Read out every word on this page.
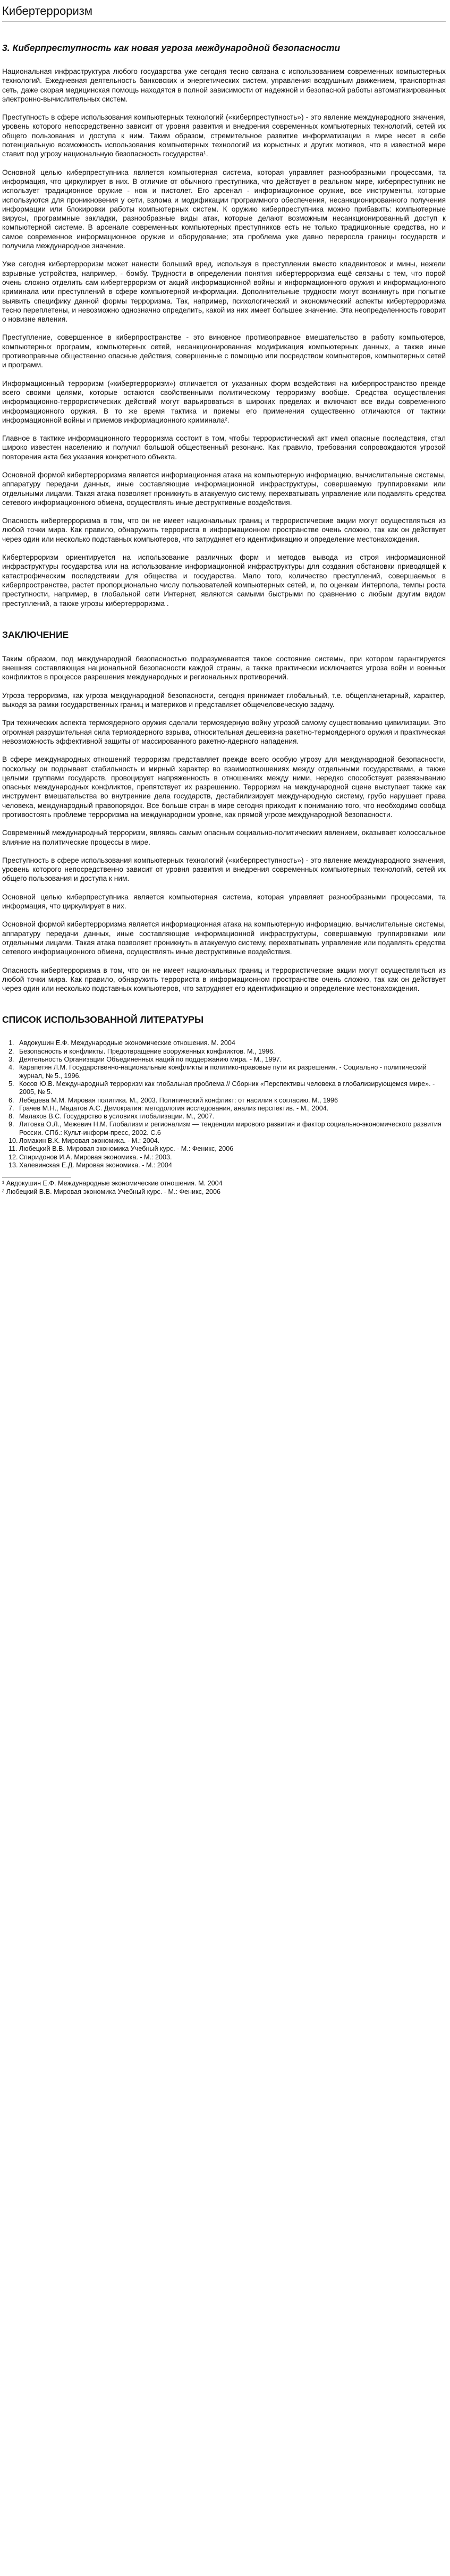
Кибертерроризм
3. Киберпреступность как новая угроза международной безопасности

Национальная инфраструктура любого государства уже сегодня тесно связана с использованием современных компьютерных технологий. Ежедневная деятельность банковских и энергетических систем, управления воздушным движением, транспортная сеть, даже скорая медицинская помощь находятся в полной зависимости от надежной и безопасной работы автоматизированных электронно-вычислительных систем.

Преступность в сфере использования компьютерных технологий («киберпреступность») - это явление международного значения, уровень которого непосредственно зависит от уровня развития и внедрения современных компьютерных технологий, сетей их общего пользования и доступа к ним. Таким образом, стремительное развитие информатизации в мире несет в себе потенциальную возможность использования компьютерных технологий из корыстных и других мотивов, что в известной мере ставит под угрозу национальную безопасность государства¹.

Основной целью киберпреступника является компьютерная система, которая управляет разнообразными процессами, та информация, что циркулирует в них. В отличие от обычного преступника, что действует в реальном мире, киберпреступник не использует традиционное оружие - нож и пистолет. Его арсенал - информационное оружие, все инструменты, которые используются для проникновения у сети, взлома и модификации программного обеспечения, несанкционированного получения информации или блокировки работы компьютерных систем. К оружию киберпреступника можно прибавить: компьютерные вирусы, программные закладки, разнообразные виды атак, которые делают возможным несанкционированный доступ к компьютерной системе. В арсенале современных компьютерных преступников есть не только традиционные средства, но и самое современное информационное оружие и оборудование; эта проблема уже давно переросла границы государств и получила международное значение.

Уже сегодня кибертерроризм может нанести больший вред, используя в преступлении вместо кладвинтовок и мины, нежели взрывные устройства, например, - бомбу. Трудности в определении понятия кибертерроризма ещё связаны с тем, что порой очень сложно отделить сам кибертерроризм от акций информационной войны и информационного оружия и информационного криминала или преступлений в сфере компьютерной информации. Дополнительные трудности могут возникнуть при попытке выявить специфику данной формы терроризма. Так, например, психологический и экономический аспекты кибертерроризма тесно переплетены, и невозможно однозначно определить, какой из них имеет большее значение. Эта неопределенность говорит о новизне явления.

Преступление, совершенное в киберпространстве - это виновное противоправное вмешательство в работу компьютеров, компьютерных программ, компьютерных сетей, несанкционированная модификация компьютерных данных, а также иные противоправные общественно опасные действия, совершенные с помощью или посредством компьютеров, компьютерных сетей и программ.

Информационный терроризм («кибертерроризм») отличается от указанных форм воздействия на киберпространство прежде всего своими целями, которые остаются свойственными политическому терроризму вообще. Средства осуществления информационно-террористических действий могут варьироваться в широких пределах и включают все виды современного информационного оружия. В то же время тактика и приемы его применения существенно отличаются от тактики информационной войны и приемов информационного криминала².

Главное в тактике информационного терроризма состоит в том, чтобы террористический акт имел опасные последствия, стал широко известен населению и получил большой общественный резонанс. Как правило, требования сопровождаются угрозой повторения акта без указания конкретного объекта.

Основной формой кибертерроризма является информационная атака на компьютерную информацию, вычислительные системы, аппаратуру передачи данных, иные составляющие информационной инфраструктуры, совершаемую группировками или отдельными лицами. Такая атака позволяет проникнуть в атакуемую систему, перехватывать управление или подавлять средства сетевого информационного обмена, осуществлять иные деструктивные воздействия.

Опасность кибертерроризма в том, что он не имеет национальных границ и террористические акции могут осуществляться из любой точки мира. Как правило, обнаружить террориста в информационном пространстве очень сложно, так как он действует через один или несколько подставных компьютеров, что затрудняет его идентификацию и определение местонахождения.

Кибертерроризм ориентируется на использование различных форм и методов вывода из строя информационной инфраструктуры государства или на использование информационной инфраструктуры для создания обстановки приводящей к катастрофическим последствиям для общества и государства. Мало того, количество преступлений, совершаемых в киберпространстве, растет пропорционально числу пользователей компьютерных сетей, и, по оценкам Интерпола, темпы роста преступности, например, в глобальной сети Интернет, являются самыми быстрыми по сравнению с любым другим видом преступлений, а также угрозы кибертерроризма .

ЗАКЛЮЧЕНИЕ

Таким образом, под международной безопасностью подразумевается такое состояние системы, при котором гарантируется внешняя составляющая национальной безопасности каждой страны, а также практически исключается угроза войн и военных конфликтов в процессе разрешения международных и региональных противоречий.

Угроза терроризма, как угроза международной безопасности, сегодня принимает глобальный, т.е. общепланетарный, характер, выходя за рамки государственных границ и материков и представляет общечеловеческую задачу.

Три технических аспекта термоядерного оружия сделали термоядерную войну угрозой самому существованию цивилизации. Это огромная разрушительная сила термоядерного взрыва, относительная дешевизна ракетно-термоядерного оружия и практическая невозможность эффективной защиты от массированного ракетно-ядерного нападения.

В сфере международных отношений терроризм представляет прежде всего особую угрозу для международной безопасности, поскольку он подрывает стабильность и мирный характер во взаимоотношениях между отдельными государствами, а также целыми группами государств, провоцирует напряженность в отношениях между ними, нередко способствует развязыванию опасных международных конфликтов, препятствует их разрешению. Терроризм на международной сцене выступает также как инструмент вмешательства во внутренние дела государств, дестабилизирует международную систему, грубо нарушает права человека, международный правопорядок. Все больше стран в мире сегодня приходит к пониманию того, что необходимо сообща противостоять проблеме терроризма на международном уровне, как прямой угрозе международной безопасности.

Современный международный терроризм, являясь самым опасным социально-политическим явлением, оказывает колоссальное влияние на политические процессы в мире.

Преступность в сфере использования компьютерных технологий («киберпреступность») - это явление международного значения, уровень которого непосредственно зависит от уровня развития и внедрения современных компьютерных технологий, сетей их общего пользования и доступа к ним.

Основной целью киберпреступника является компьютерная система, которая управляет разнообразными процессами, та информация, что циркулирует в них.

Основной формой кибертерроризма является информационная атака на компьютерную информацию, вычислительные системы, аппаратуру передачи данных, иные составляющие информационной инфраструктуры, совершаемую группировками или отдельными лицами. Такая атака позволяет проникнуть в атакуемую систему, перехватывать управление или подавлять средства сетевого информационного обмена, осуществлять иные деструктивные воздействия.

Опасность кибертерроризма в том, что он не имеет национальных границ и террористические акции могут осуществляться из любой точки мира. Как правило, обнаружить террориста в информационном пространстве очень сложно, так как он действует через один или несколько подставных компьютеров, что затрудняет его идентификацию и определение местонахождения.

СПИСОК ИСПОЛЬЗОВАННОЙ ЛИТЕРАТУРЫ
1. Авдокушин Е.Ф. Международные экономические отношения. М. 2004
2. Безопасность и конфликты. Предотвращение вооруженных конфликтов. М., 1996.
3. Деятельность Организации Объединенных наций по поддержанию мира. - М., 1997.
4. Карапетян Л.М. Государственно-национальные конфликты и политико-правовые пути их разрешения. - Социально - политический журнал, № 5., 1996.
5. Косов Ю.В. Международный терроризм как глобальная проблема // Сборник «Перспективы человека в глобализирующемся мире». - 2005, № 5.
6. Лебедева М.М. Мировая политика. М., 2003. Политический конфликт: от насилия к согласию. М., 1996
7. Грачев М.Н., Мадатов А.С. Демократия: методология исследования, анализ перспектив. - М., 2004.
8. Малахов В.С. Государство в условиях глобализации. М., 2007.
9. Литовка О.Л., Межевич Н.М. Глобализм и регионализм — тенденции мирового развития и фактор социально-экономического развития России. СПб.: Культ-информ-пресс, 2002. С.6
10. Ломакин В.К. Мировая экономика. - М.: 2004.
11. Любецкий В.В. Мировая экономика Учебный курс. - М.: Феникс, 2006
12. Спиридонов И.А. Мировая экономика. - М.: 2003.
13. Халевинская Е.Д. Мировая экономика. - М.: 2004

¹ Авдокушин Е.Ф. Международные экономические отношения. М. 2004

² Любецкий В.В. Мировая экономика Учебный курс. - М.: Феникс, 2006
